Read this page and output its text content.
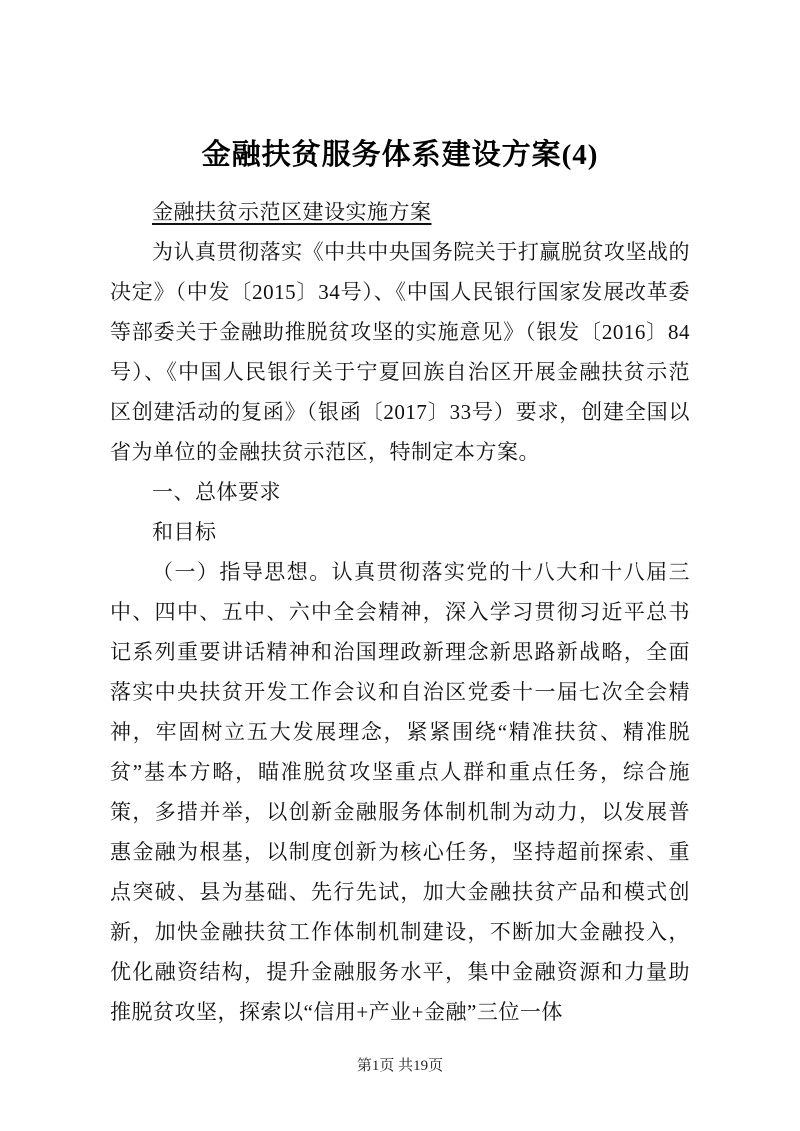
金融扶贫服务体系建设方案(4)

金融扶贫示范区建设实施方案

为认真贯彻落实《中共中央国务院关于打赢脱贫攻坚战的决定》（中发〔2015〕34号）、《中国人民银行国家发展改革委等部委关于金融助推脱贫攻坚的实施意见》（银发〔2016〕84号）、《中国人民银行关于宁夏回族自治区开展金融扶贫示范区创建活动的复函》（银函〔2017〕33号）要求，创建全国以省为单位的金融扶贫示范区，特制定本方案。

一、总体要求

和目标

（一）指导思想。认真贯彻落实党的十八大和十八届三中、四中、五中、六中全会精神，深入学习贯彻习近平总书记系列重要讲话精神和治国理政新理念新思路新战略，全面落实中央扶贫开发工作会议和自治区党委十一届七次全会精神，牢固树立五大发展理念，紧紧围绕“精准扶贫、精准脱贫”基本方略，瞄准脱贫攻坚重点人群和重点任务，综合施策，多措并举，以创新金融服务体制机制为动力，以发展普惠金融为根基，以制度创新为核心任务，坚持超前探索、重点突破、县为基础、先行先试，加大金融扶贫产品和模式创新，加快金融扶贫工作体制机制建设，不断加大金融投入，优化融资结构，提升金融服务水平，集中金融资源和力量助推脱贫攻坚，探索以“信用+产业+金融”三位一体

第1页 共19页
